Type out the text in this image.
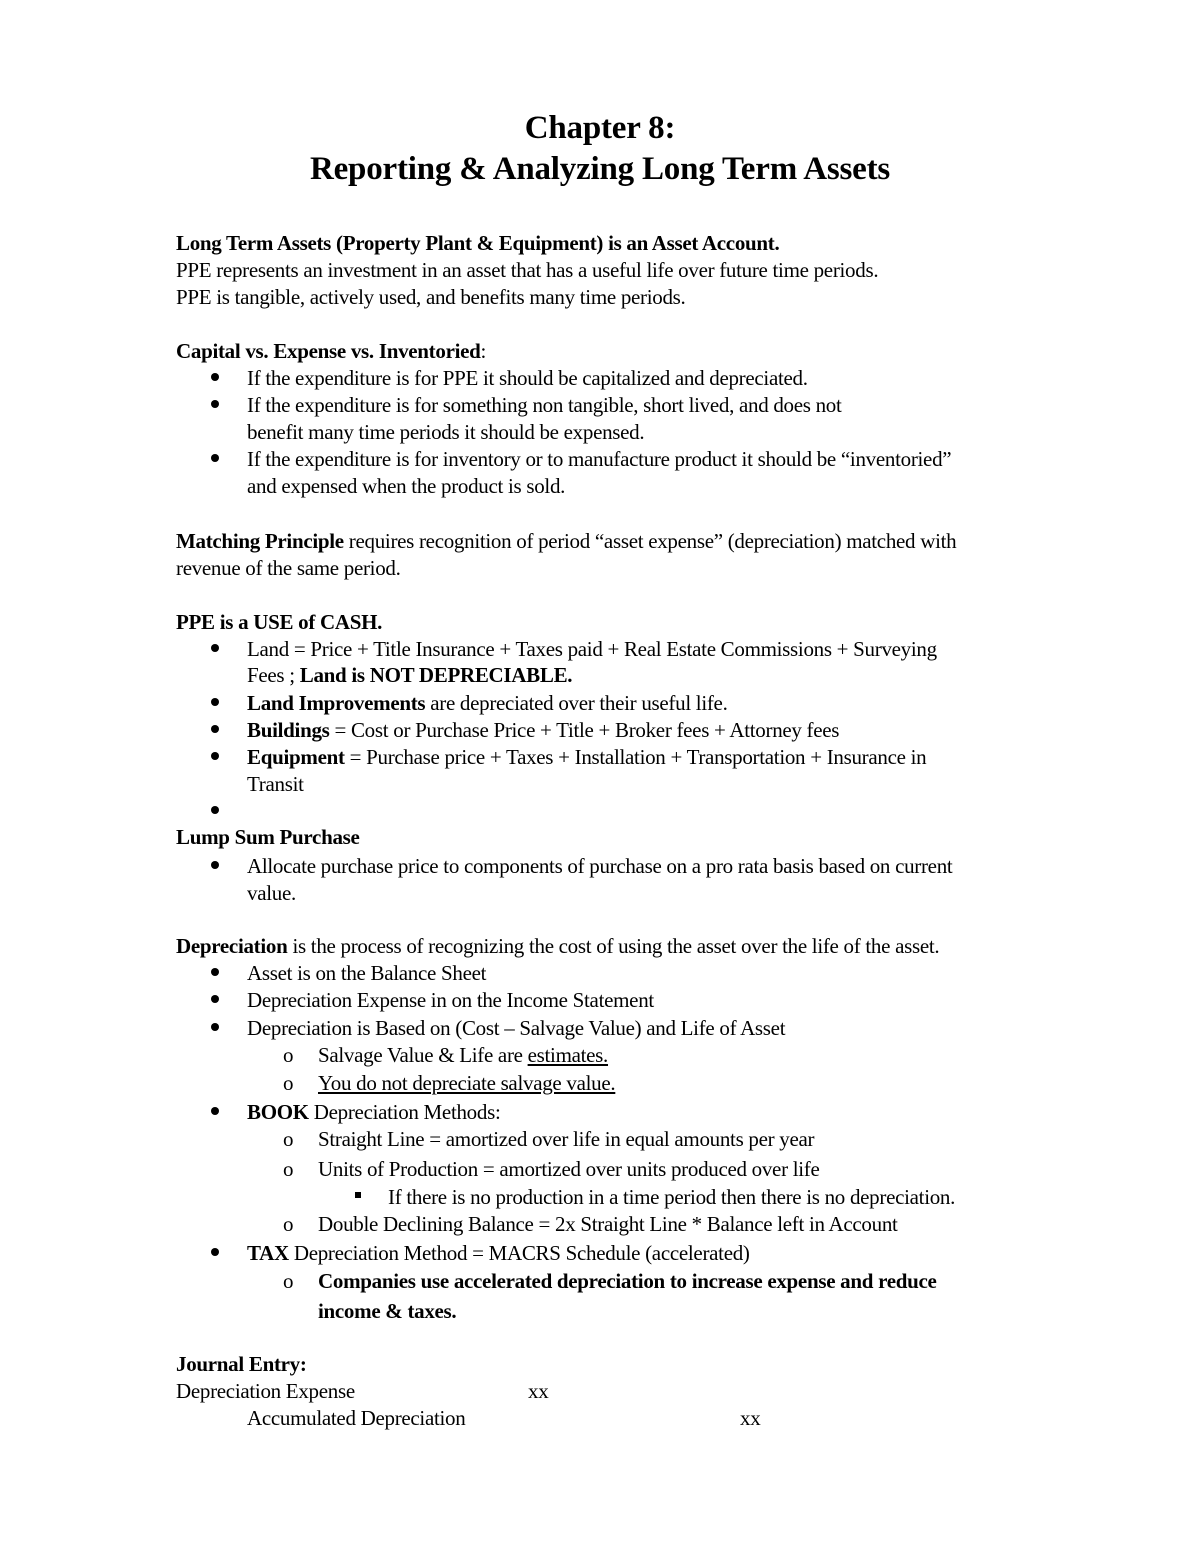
Chapter 8:
Reporting & Analyzing Long Term Assets
Long Term Assets (Property Plant & Equipment) is an Asset Account.
PPE represents an investment in an asset that has a useful life over future time periods.
PPE is tangible, actively used, and benefits many time periods.
Capital vs. Expense vs. Inventoried:
If the expenditure is for PPE it should be capitalized and depreciated.
If the expenditure is for something non tangible, short lived, and does not
benefit many time periods it should be expensed.
If the expenditure is for inventory or to manufacture product it should be “inventoried”
and expensed when the product is sold.
Matching Principle requires recognition of period “asset expense” (depreciation) matched with
revenue of the same period.
PPE is a USE of CASH.
Land = Price + Title Insurance + Taxes paid + Real Estate Commissions + Surveying
Fees ; Land is NOT DEPRECIABLE.
Land Improvements are depreciated over their useful life.
Buildings = Cost or Purchase Price + Title + Broker fees + Attorney fees
Equipment = Purchase price + Taxes + Installation + Transportation + Insurance in
Transit
Lump Sum Purchase
Allocate purchase price to components of purchase on a pro rata basis based on current
value.
Depreciation is the process of recognizing the cost of using the asset over the life of the asset.
Asset is on the Balance Sheet
Depreciation Expense in on the Income Statement
Depreciation is Based on (Cost – Salvage Value) and Life of Asset
o Salvage Value & Life are estimates.
o You do not depreciate salvage value.
BOOK Depreciation Methods:
o Straight Line = amortized over life in equal amounts per year
o Units of Production = amortized over units produced over life
If there is no production in a time period then there is no depreciation.
o Double Declining Balance = 2x Straight Line * Balance left in Account
TAX Depreciation Method = MACRS Schedule (accelerated)
o Companies use accelerated depreciation to increase expense and reduce
income & taxes.
Journal Entry:
Depreciation Expense	xx
Accumulated Depreciation	xx
